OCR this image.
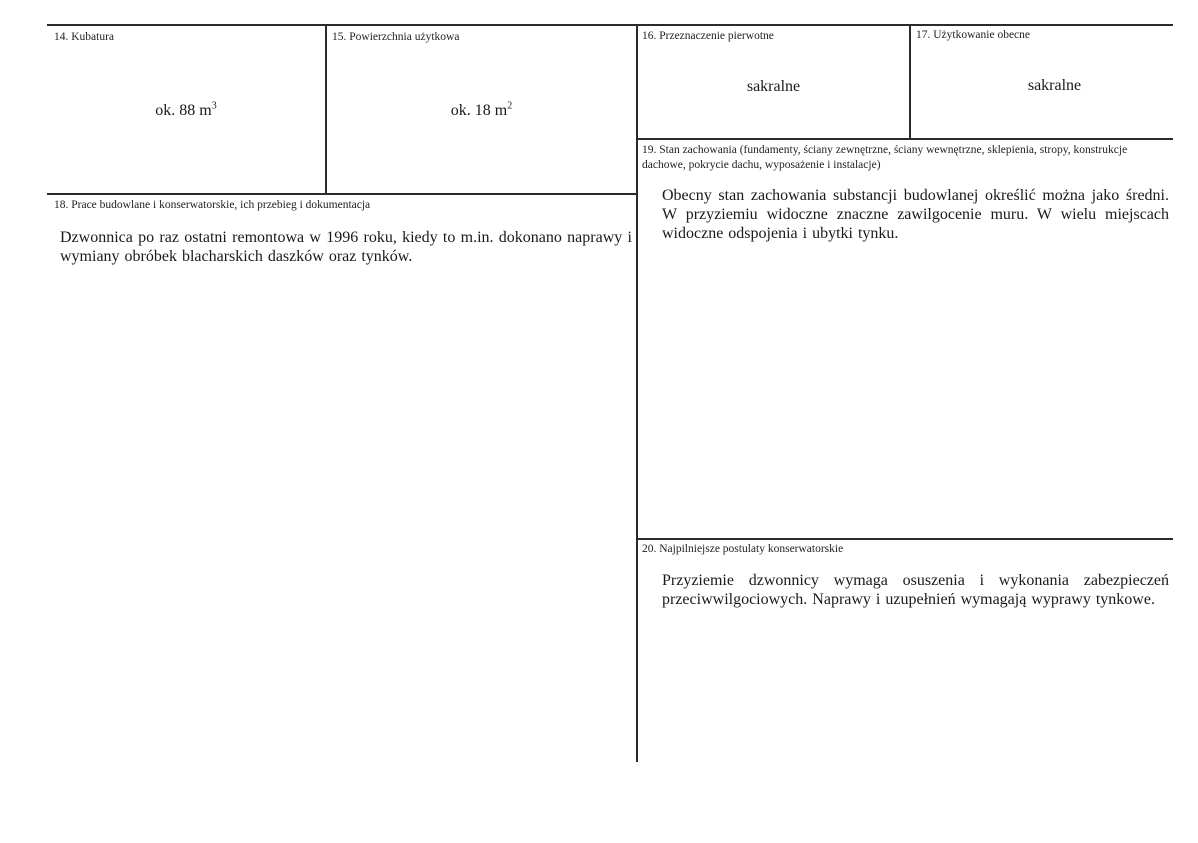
14. Kubatura
ok. 88 $m^3$
15. Powierzchnia użytkowa
ok. 18 $m^2$
16. Przeznaczenie pierwotne
sakralne
17. Użytkowanie obecne
sakralne
18. Prace budowlane i konserwatorskie, ich przebieg i dokumentacja
Dzwonnica po raz ostatni remontowa w 1996 roku, kiedy to m.in. dokonano naprawy i wymiany obróbek blacharskich daszków oraz tynków.
19. Stan zachowania (fundamenty, ściany zewnętrzne, ściany wewnętrzne, sklepienia, stropy, konstrukcje dachowe, pokrycie dachu, wyposażenie i instalacje)
Obecny stan zachowania substancji budowlanej określić można jako średni. W przyziemiu widoczne znaczne zawilgocenie muru. W wielu miejscach widoczne odspojenia i ubytki tynku.
20. Najpilniejsze postulaty konserwatorskie
Przyziemie dzwonnicy wymaga osuszenia i wykonania zabezpieczeń przeciwwilgociowych. Naprawy i uzupełnień wymagają wyprawy tynkowe.
